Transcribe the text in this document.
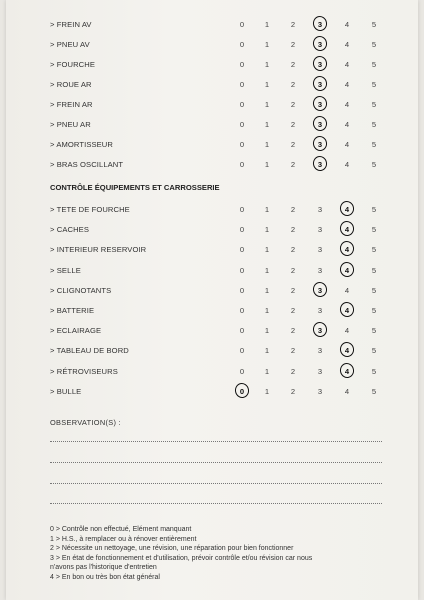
> FREIN AV	0	1	2	3	4	5
> PNEU AV	0	1	2	3	4	5
> FOURCHE	0	1	2	3	4	5
> ROUE AR	0	1	2	3	4	5
> FREIN AR	0	1	2	3	4	5
> PNEU AR	0	1	2	3	4	5
> AMORTISSEUR	0	1	2	3	4	5
> BRAS OSCILLANT	0	1	2	3	4	5
CONTRÔLE ÉQUIPEMENTS ET CARROSSERIE
> TETE DE FOURCHE	0	1	2	3	4	5
> CACHES	0	1	2	3	4	5
> INTERIEUR RESERVOIR	0	1	2	3	4	5
> SELLE	0	1	2	3	4	5
> CLIGNOTANTS	0	1	2	3	4	5
> BATTERIE	0	1	2	3	4	5
> ECLAIRAGE	0	1	2	3	4	5
> TABLEAU DE BORD	0	1	2	3	4	5
> RÉTROVISEURS	0	1	2	3	4	5
> BULLE	0	1	2	3	4	5
OBSERVATION(S) :
0 > Contrôle non effectué, Elément manquant
1 > H.S., à remplacer ou à rénover entièrement
2 > Nécessite un nettoyage, une révision, une réparation pour bien fonctionner
3 > En état de fonctionnement et d'utilisation, prévoir contrôle et/ou révision car nous
n'avons pas l'historique d'entretien
4 > En bon ou très bon état général
